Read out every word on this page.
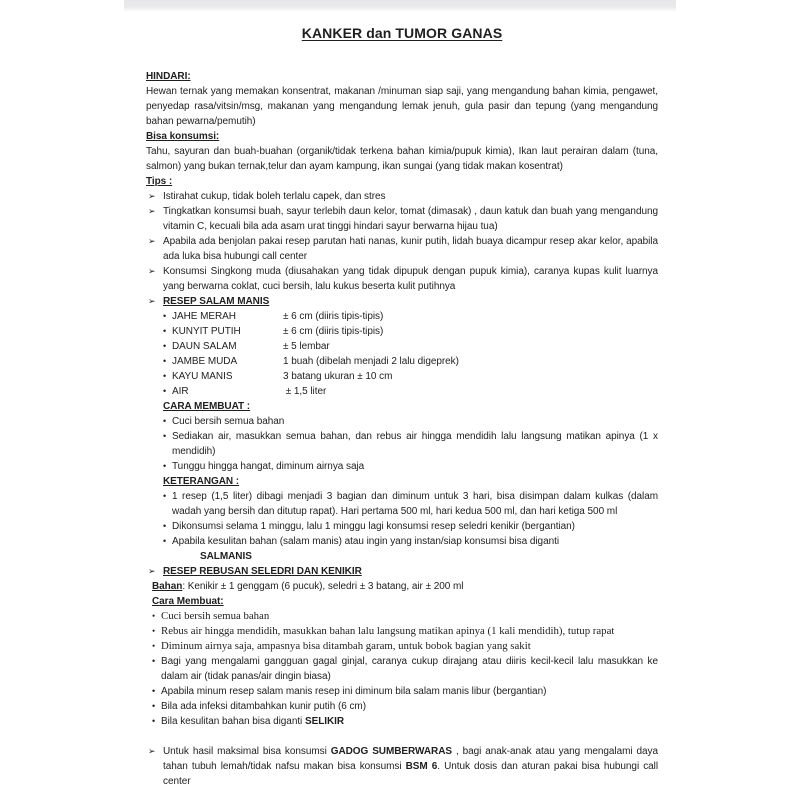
KANKER dan TUMOR GANAS
HINDARI:
Hewan ternak yang memakan konsentrat, makanan /minuman siap saji, yang mengandung bahan kimia, pengawet, penyedap rasa/vitsin/msg, makanan yang mengandung lemak jenuh, gula pasir dan tepung (yang mengandung bahan pewarna/pemutih)
Bisa konsumsi:
Tahu, sayuran dan buah-buahan (organik/tidak terkena bahan kimia/pupuk kimia), Ikan laut perairan dalam (tuna, salmon) yang bukan ternak,telur dan ayam kampung, ikan sungai (yang tidak makan kosentrat)
Tips :
➢ Istirahat cukup, tidak boleh terlalu capek, dan stres
➢ Tingkatkan konsumsi buah, sayur terlebih daun kelor, tomat (dimasak) , daun katuk dan buah yang mengandung vitamin C, kecuali bila ada asam urat tinggi hindari sayur berwarna hijau tua)
➢ Apabila ada benjolan pakai resep parutan hati nanas, kunir putih, lidah buaya dicampur resep akar kelor, apabila ada luka bisa hubungi call center
➢ Konsumsi Singkong muda (diusahakan yang tidak dipupuk dengan pupuk kimia), caranya kupas kulit luarnya yang berwarna coklat, cuci bersih, lalu kukus beserta kulit putihnya
➢ RESEP SALAM MANIS
• JAHE MERAH	± 6 cm (diiris tipis-tipis)
• KUNYIT PUTIH	± 6 cm (diiris tipis-tipis)
• DAUN SALAM	± 5 lembar
• JAMBE MUDA	1 buah (dibelah menjadi 2 lalu digeprek)
• KAYU MANIS	3 batang ukuran ± 10 cm
• AIR	± 1,5 liter
CARA MEMBUAT :
• Cuci bersih semua bahan
• Sediakan air, masukkan semua bahan, dan rebus air hingga mendidih lalu langsung matikan apinya (1 x mendidih)
• Tunggu hingga hangat, diminum airnya saja
KETERANGAN :
• 1 resep (1,5 liter) dibagi menjadi 3 bagian dan diminum untuk 3 hari, bisa disimpan dalam kulkas (dalam wadah yang bersih dan ditutup rapat). Hari pertama 500 ml, hari kedua 500 ml, dan hari ketiga 500 ml
• Dikonsumsi selama 1 minggu, lalu 1 minggu lagi konsumsi resep seledri kenikir (bergantian)
• Apabila kesulitan bahan (salam manis) atau ingin yang instan/siap konsumsi bisa diganti
SALMANIS
➢ RESEP REBUSAN SELEDRI DAN KENIKIR
Bahan: Kenikir ± 1 genggam (6 pucuk), seledri ± 3 batang, air ± 200 ml
Cara Membuat:
• Cuci bersih semua bahan
• Rebus air hingga mendidih, masukkan bahan lalu langsung matikan apinya (1 kali mendidih), tutup rapat
• Diminum airnya saja, ampasnya bisa ditambah garam, untuk bobok bagian yang sakit
• Bagi yang mengalami gangguan gagal ginjal, caranya cukup dirajang atau diiris kecil-kecil lalu masukkan ke dalam air (tidak panas/air dingin biasa)
• Apabila minum resep salam manis resep ini diminum bila salam manis libur (bergantian)
• Bila ada infeksi ditambahkan kunir putih (6 cm)
• Bila kesulitan bahan bisa diganti SELIKIR
➢ Untuk hasil maksimal bisa konsumsi GADOG SUMBERWARAS , bagi anak-anak atau yang mengalami daya tahan tubuh lemah/tidak nafsu makan bisa konsumsi BSM 6. Untuk dosis dan aturan pakai bisa hubungi call center
